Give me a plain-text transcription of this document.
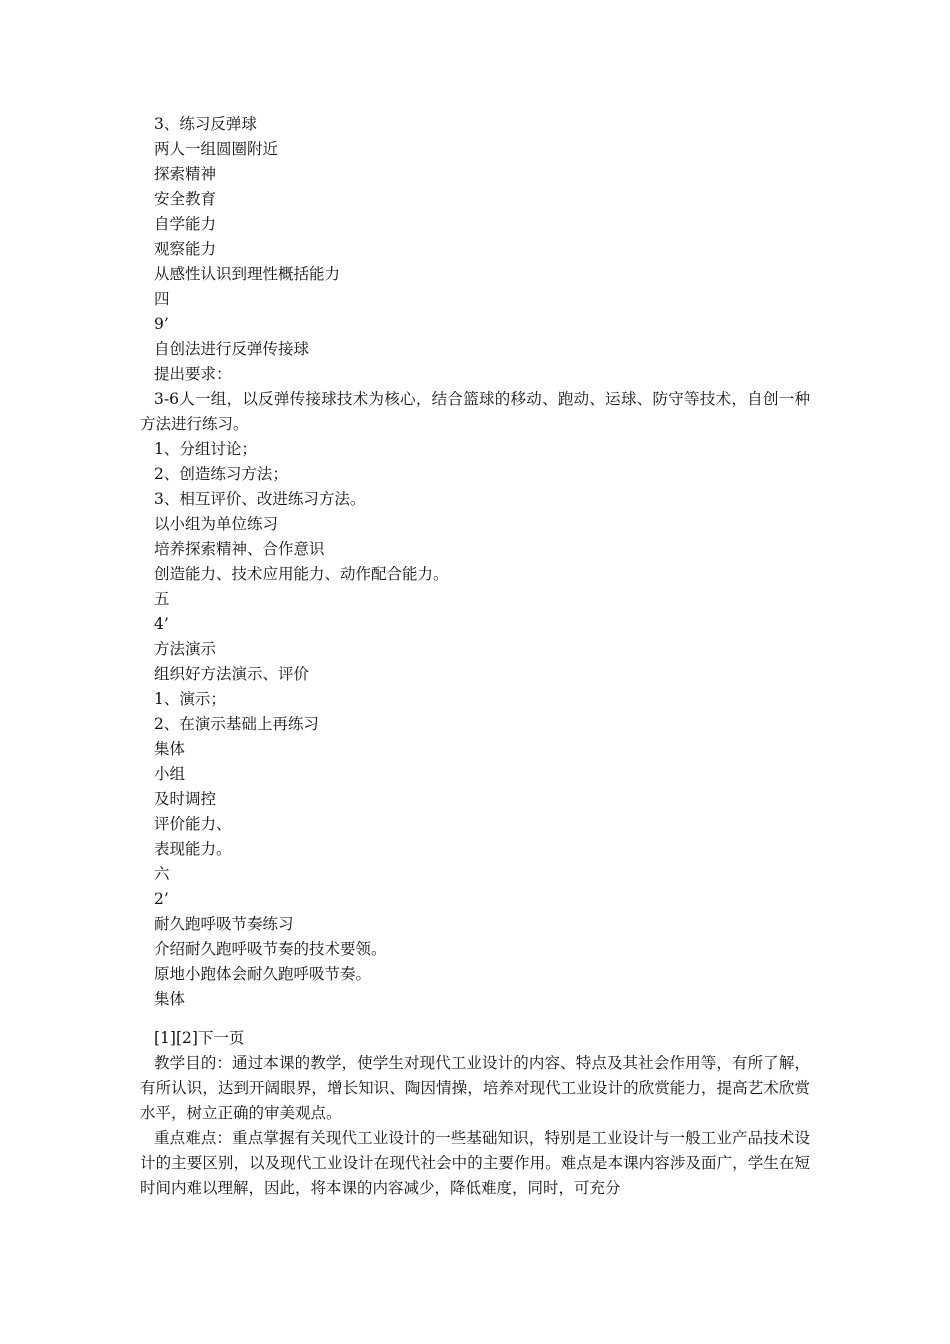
3、练习反弹球
两人一组圆圈附近
探索精神
安全教育
自学能力
观察能力
从感性认识到理性概括能力
四
9’
自创法进行反弹传接球
提出要求：
3-6人一组，以反弹传接球技术为核心，结合篮球的移动、跑动、运球、防守等技术，自创一种方法进行练习。
1、分组讨论；
2、创造练习方法；
3、相互评价、改进练习方法。
以小组为单位练习
培养探索精神、合作意识
创造能力、技术应用能力、动作配合能力。
五
4’
方法演示
组织好方法演示、评价
1、演示；
2、在演示基础上再练习
集体
小组
及时调控
评价能力、
表现能力。
六
2’
耐久跑呼吸节奏练习
介绍耐久跑呼吸节奏的技术要领。
原地小跑体会耐久跑呼吸节奏。
集体
[1][2]下一页
教学目的：通过本课的教学，使学生对现代工业设计的内容、特点及其社会作用等，有所了解，有所认识，达到开阔眼界，增长知识、陶因情操，培养对现代工业设计的欣赏能力，提高艺术欣赏水平，树立正确的审美观点。
重点难点：重点掌握有关现代工业设计的一些基础知识，特别是工业设计与一般工业产品技术设计的主要区别，以及现代工业设计在现代社会中的主要作用。难点是本课内容涉及面广，学生在短时间内难以理解，因此，将本课的内容减少，降低难度，同时，可充分
